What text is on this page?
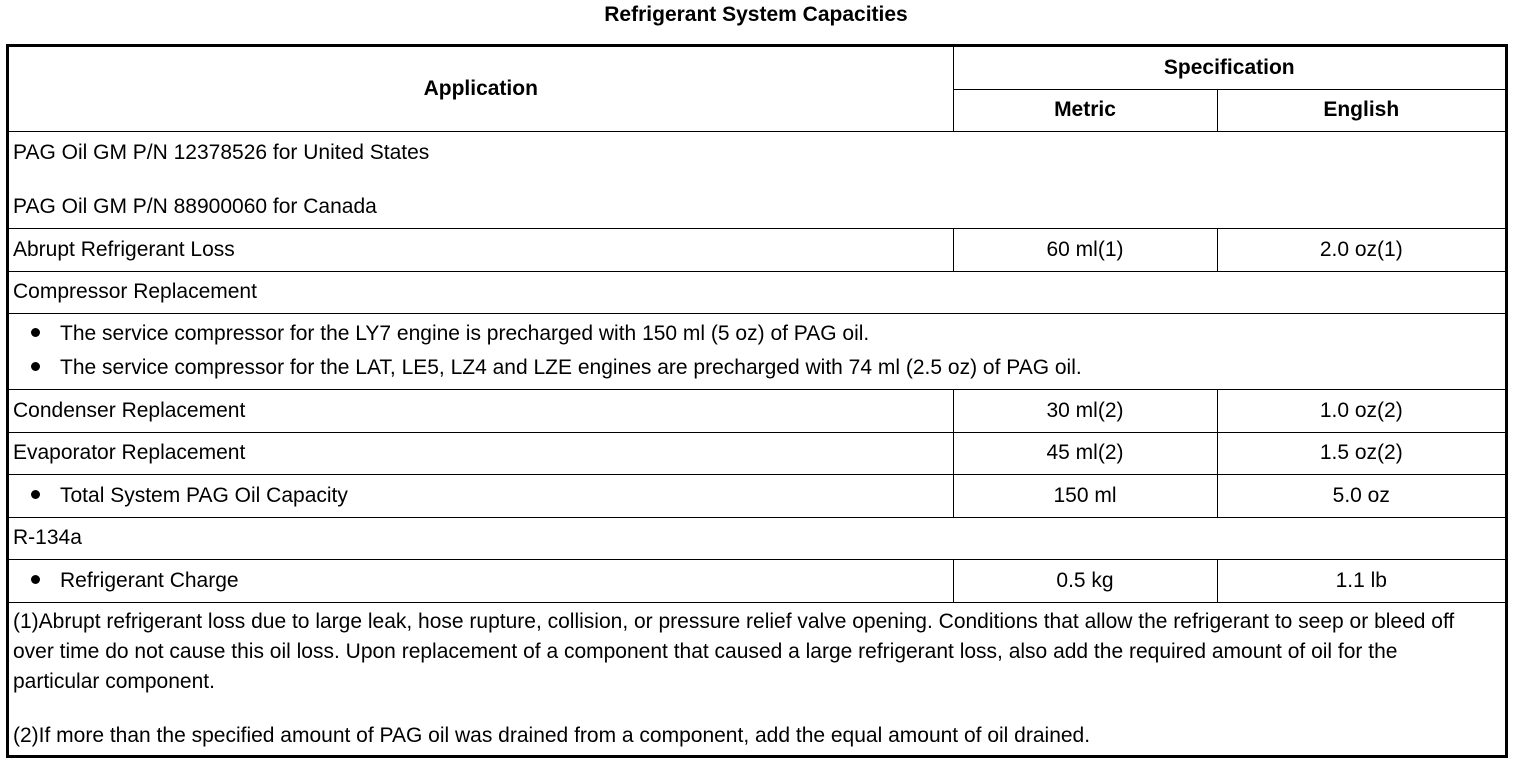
Refrigerant System Capacities
Application	Specification	
	Metric	English

PAG Oil GM P/N 12378526 for United States
PAG Oil GM P/N 88900060 for Canada		

Abrupt Refrigerant Loss	60 ml(1)	2.0 oz(1)
Compressor Replacement		

The service compressor for the LY7 engine is precharged with 150 ml (5 oz) of PAG oil.
The service compressor for the LAT, LE5, LZ4 and LZE engines are precharged with 74 ml (2.5 oz) of PAG oil.		

Condenser Replacement	30 ml(2)	1.0 oz(2)
Evaporator Replacement	45 ml(2)	1.5 oz(2)
Total System PAG Oil Capacity	150 ml	5.0 oz
R-134a		
Refrigerant Charge	0.5 kg	1.1 lb

(1)Abrupt refrigerant loss due to large leak, hose rupture, collision, or pressure relief valve opening. Conditions that allow the refrigerant to seep or bleed off over time do not cause this oil loss. Upon replacement of a component that caused a large refrigerant loss, also add the required amount of oil for the particular component.
(2)If more than the specified amount of PAG oil was drained from a component, add the equal amount of oil drained.		
